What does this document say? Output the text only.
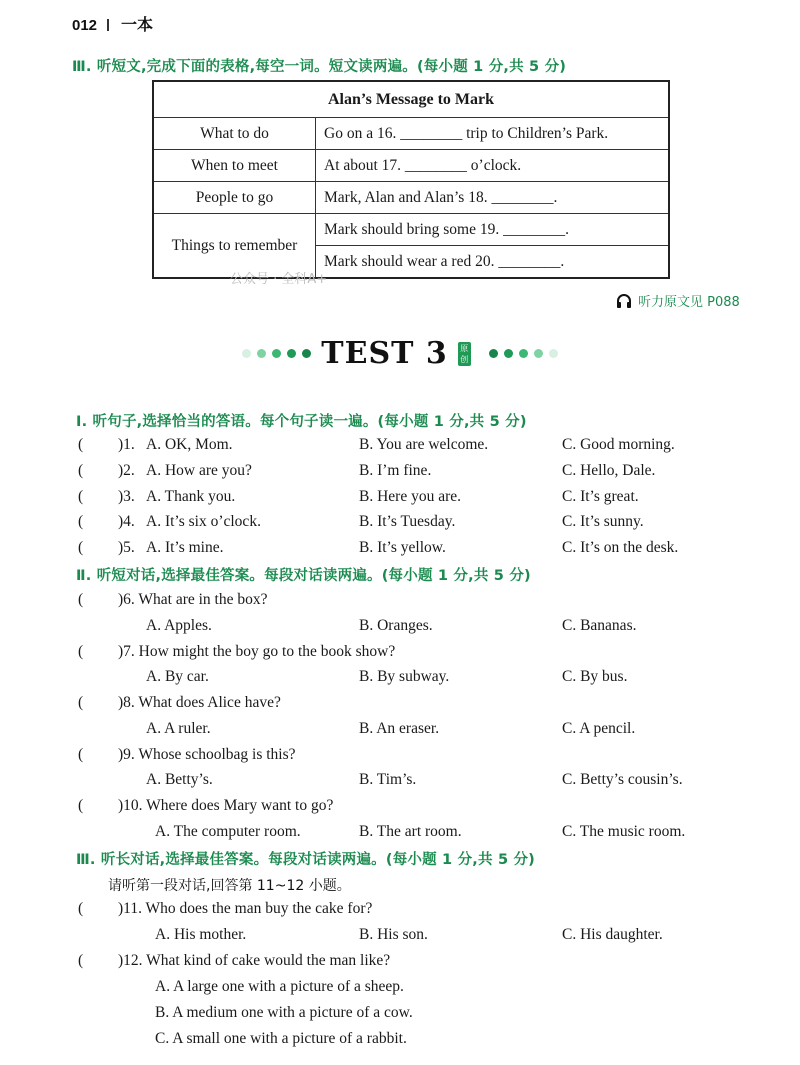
012 一本
Ⅲ. 听短文,完成下面的表格,每空一词。短文读两遍。(每小题 1 分,共 5 分)
Alan’s Message to Mark	
What to do	Go on a 16. ________ trip to Children’s Park.
When to meet	At about 17. ________ o’clock.
People to go	Mark, Alan and Alan’s 18. ________.
Things to remember	Mark should bring some 19. ________.
	Mark should wear a red 20. ________.
公众号 · 全科A+
听力原文见 P088
TEST 3	原
创
Ⅰ. 听句子,选择恰当的答语。每个句子读一遍。(每小题 1 分,共 5 分)
( )1. A. OK, Mom.	B. You are welcome.	C. Good morning.
( )2. A. How are you?	B. I’m fine.	C. Hello, Dale.
( )3. A. Thank you.	B. Here you are.	C. It’s great.
( )4. A. It’s six o’clock.	B. It’s Tuesday.	C. It’s sunny.
( )5. A. It’s mine.	B. It’s yellow.	C. It’s on the desk.
Ⅱ. 听短对话,选择最佳答案。每段对话读两遍。(每小题 1 分,共 5 分)
( )6. What are in the box?
A. Apples.	B. Oranges.	C. Bananas.
( )7. How might the boy go to the book show?
A. By car.	B. By subway.	C. By bus.
( )8. What does Alice have?
A. A ruler.	B. An eraser.	C. A pencil.
( )9. Whose schoolbag is this?
A. Betty’s.	B. Tim’s.	C. Betty’s cousin’s.
( )10. Where does Mary want to go?
A. The computer room.	B. The art room.	C. The music room.
Ⅲ. 听长对话,选择最佳答案。每段对话读两遍。(每小题 1 分,共 5 分)
请听第一段对话,回答第 11~12 小题。
( )11. Who does the man buy the cake for?
A. His mother.	B. His son.	C. His daughter.
( )12. What kind of cake would the man like?
A. A large one with a picture of a sheep.
B. A medium one with a picture of a cow.
C. A small one with a picture of a rabbit.
